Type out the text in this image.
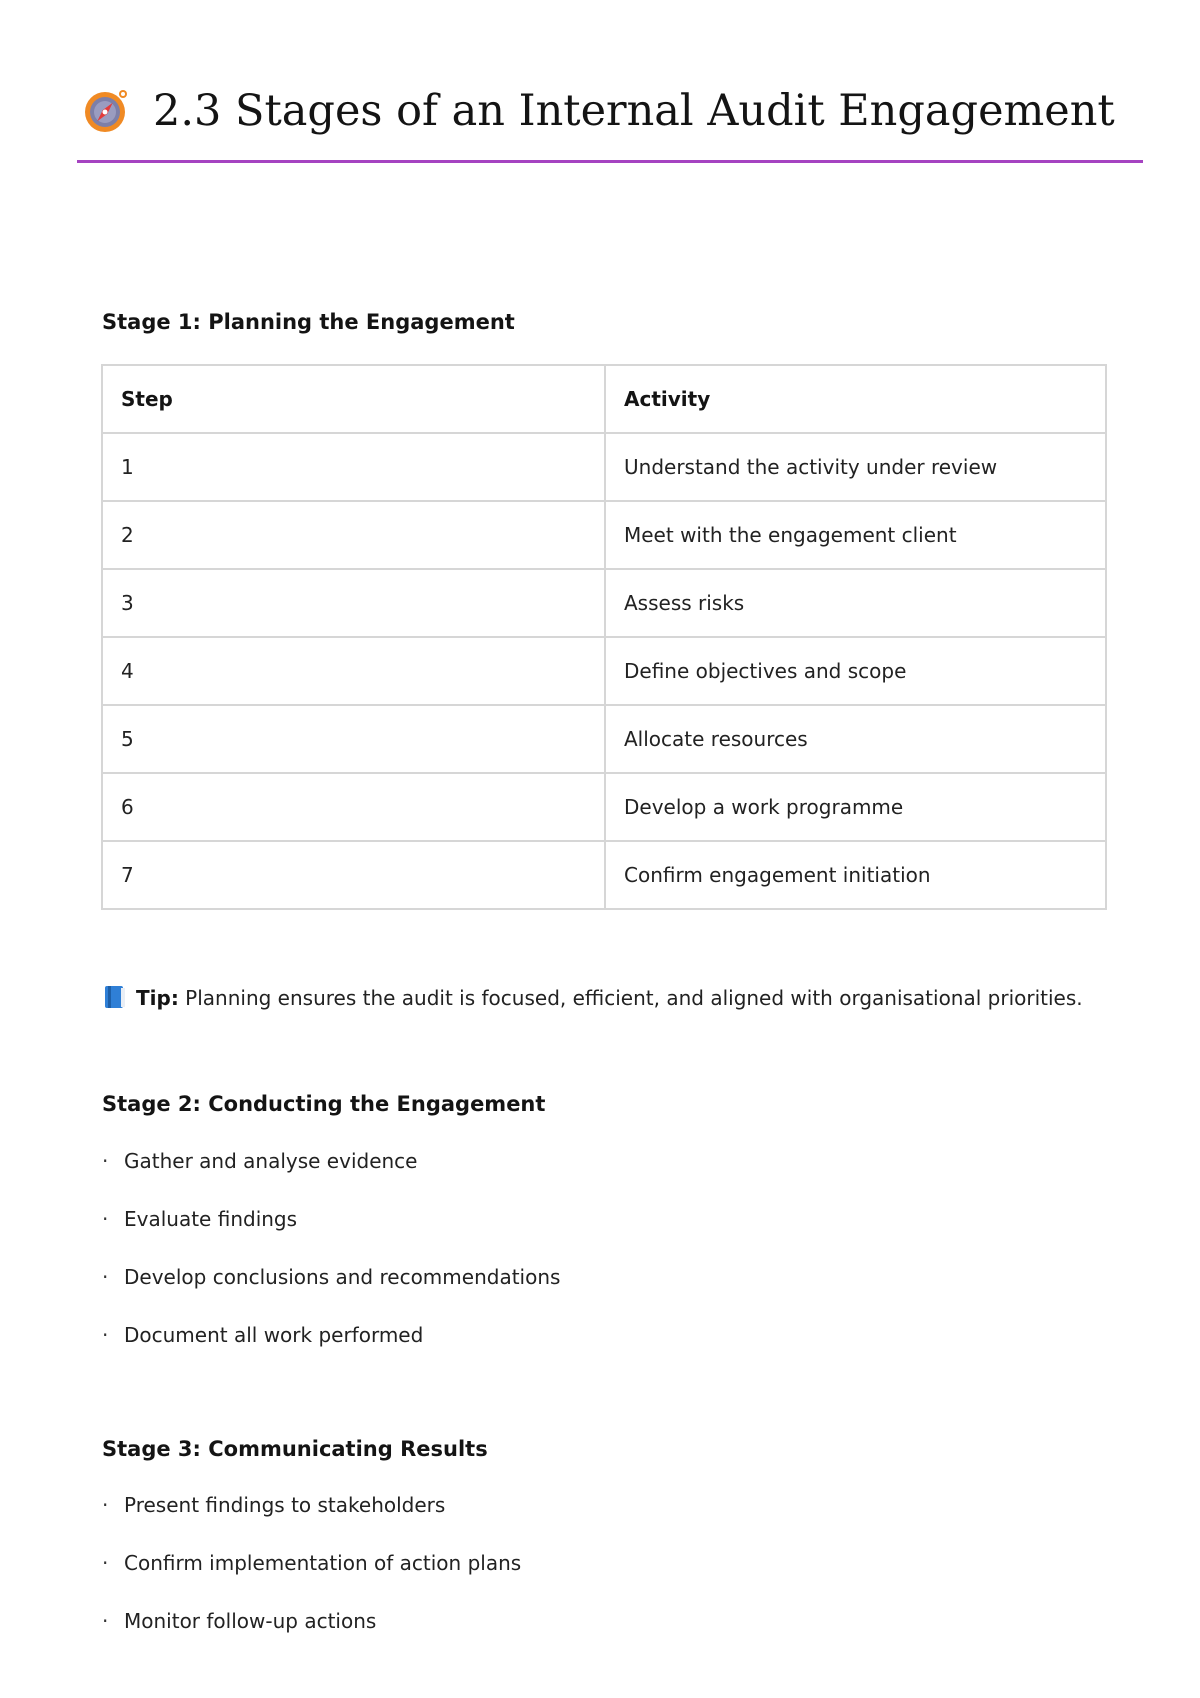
2.3 Stages of an Internal Audit Engagement
Stage 1: Planning the Engagement
Step	Activity
1	Understand the activity under review
2	Meet with the engagement client
3	Assess risks
4	Define objectives and scope
5	Allocate resources
6	Develop a work programme
7	Confirm engagement initiation

Tip: Planning ensures the audit is focused, efficient, and aligned with organisational priorities.

Stage 2: Conducting the Engagement
· Gather and analyse evidence
· Evaluate findings
· Develop conclusions and recommendations
· Document all work performed
Stage 3: Communicating Results
· Present findings to stakeholders
· Confirm implementation of action plans
· Monitor follow-up actions
